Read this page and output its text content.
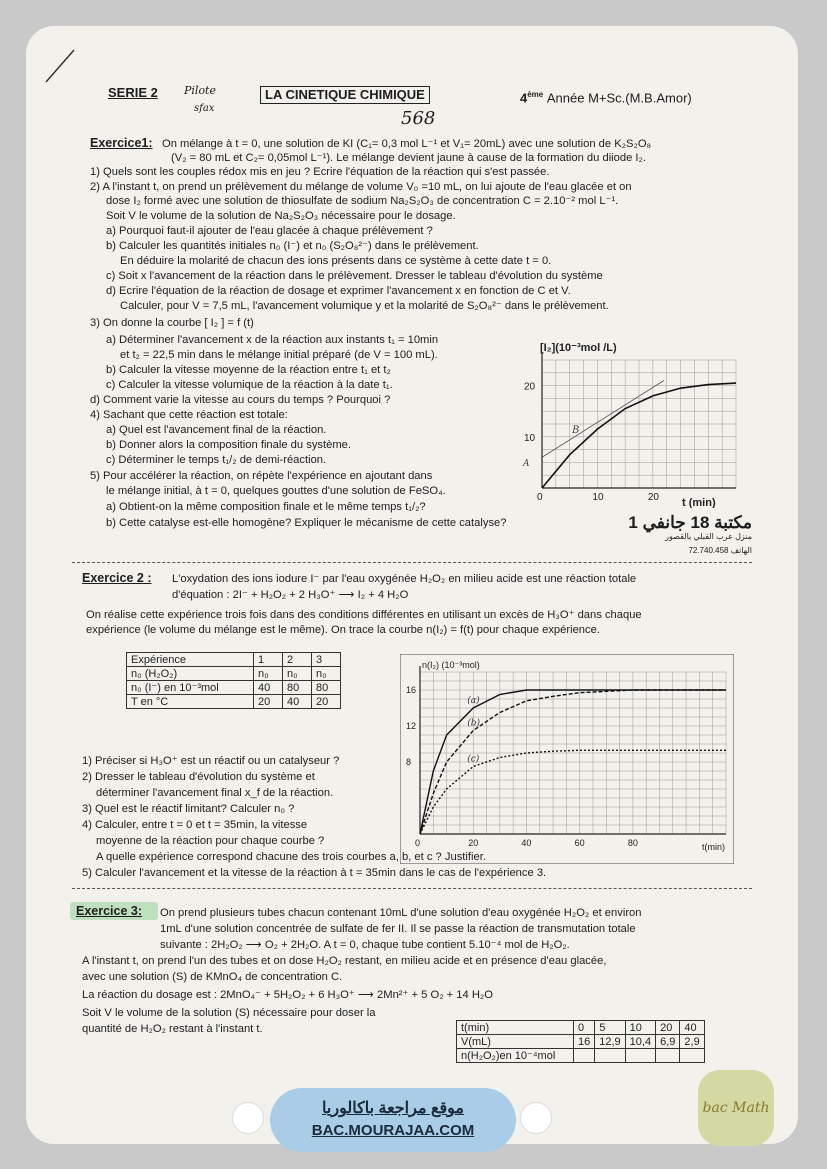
SERIE 2 Pilote
sfax
LA CINETIQUE CHIMIQUE
568
4ème Année M+Sc.(M.B.Amor)
Exercice1: On mélange à t = 0, une solution de KI (C₁= 0,3 mol L⁻¹ et V₁= 20mL) avec une solution de K₂S₂O₈
(V₂ = 80 mL et C₂= 0,05mol L⁻¹). Le mélange devient jaune à cause de la formation du diiode I₂.
1) Quels sont les couples rédox mis en jeu ? Ecrire l'équation de la réaction qui s'est passée.
2) A l'instant t, on prend un prélèvement du mélange de volume V₀ =10 mL, on lui ajoute de l'eau glacée et on
dose I₂ formé avec une solution de thiosulfate de sodium Na₂S₂O₃ de concentration C = 2.10⁻² mol L⁻¹.
Soit V le volume de la solution de Na₂S₂O₃ nécessaire pour le dosage.
a) Pourquoi faut-il ajouter de l'eau glacée à chaque prélèvement ?
b) Calculer les quantités initiales n₀ (I⁻) et n₀ (S₂O₈²⁻) dans le prélèvement.
En déduire la molarité de chacun des ions présents dans ce système à cette date t = 0.
c) Soit x l'avancement de la réaction dans le prélèvement. Dresser le tableau d'évolution du système
d) Ecrire l'équation de la réaction de dosage et exprimer l'avancement x en fonction de C et V.
Calculer, pour V = 7,5 mL, l'avancement volumique y et la molarité de S₂O₈²⁻ dans le prélèvement.
3) On donne la courbe [ I₂ ] = f (t)
a) Déterminer l'avancement x de la réaction aux instants t₁ = 10min
et t₂ = 22,5 min dans le mélange initial préparé (de V = 100 mL).
b) Calculer la vitesse moyenne de la réaction entre t₁ et t₂
c) Calculer la vitesse volumique de la réaction à la date t₁.
d) Comment varie la vitesse au cours du temps ? Pourquoi ?
4) Sachant que cette réaction est totale:
a) Quel est l'avancement final de la réaction.
b) Donner alors la composition finale du système.
c) Déterminer le temps t₁/₂ de demi-réaction.
5) Pour accélérer la réaction, on répète l'expérience en ajoutant dans
le mélange initial, à t = 0, quelques gouttes d'une solution de FeSO₄.
a) Obtient-on la même composition finale et le même temps t₁/₂?
b) Cette catalyse est-elle homogène? Expliquer le mécanisme de cette catalyse?
[I₂](10⁻³mol /L)
t (min)
B
A
0	10	20
10
20
مكتبة 18 جانفي 1
منزل عرب القبلي بالقصور
72.740.458 الهاتف
Exercice 2 : L'oxydation des ions iodure I⁻ par l'eau oxygénée H₂O₂ en milieu acide est une réaction totale
d'équation : 2I⁻ + H₂O₂ + 2 H₃O⁺ ⟶ I₂ + 4 H₂O
On réalise cette expérience trois fois dans des conditions différentes en utilisant un excès de H₃O⁺ dans chaque
expérience (le volume du mélange est le même). On trace la courbe n(I₂) = f(t) pour chaque expérience.
Expérience	1	2	3
n₀ (H₂O₂)	n₀	n₀	n₀
n₀ (I⁻) en 10⁻³mol	40	80	80
T en °C	20	40	20
n(I₂) (10⁻³mol)
t(min)
0	20	40	60	80
8
12
16
(a)
(b)
(c)
1) Préciser si H₃O⁺ est un réactif ou un catalyseur ?
2) Dresser le tableau d'évolution du système et
déterminer l'avancement final x_f de la réaction.
3) Quel est le réactif limitant? Calculer n₀ ?
4) Calculer, entre t = 0 et t = 35min, la vitesse
moyenne de la réaction pour chaque courbe ?
A quelle expérience correspond chacune des trois courbes a, b, et c ? Justifier.
5) Calculer l'avancement et la vitesse de la réaction à t = 35min dans le cas de l'expérience 3.
Exercice 3: On prend plusieurs tubes chacun contenant 10mL d'une solution d'eau oxygénée H₂O₂ et environ
1mL d'une solution concentrée de sulfate de fer II. Il se passe la réaction de transmutation totale
suivante : 2H₂O₂ ⟶ O₂ + 2H₂O. A t = 0, chaque tube contient 5.10⁻⁴ mol de H₂O₂.
A l'instant t, on prend l'un des tubes et on dose H₂O₂ restant, en milieu acide et en présence d'eau glacée,
avec une solution (S) de KMnO₄ de concentration C.
La réaction du dosage est : 2MnO₄⁻ + 5H₂O₂ + 6 H₃O⁺ ⟶ 2Mn²⁺ + 5 O₂ + 14 H₂O
Soit V le volume de la solution (S) nécessaire pour doser la
quantité de H₂O₂ restant à l'instant t.	t(min)	0	5	10	20	40
V(mL)	16	12,9	10,4	6,9	2,9
n(H₂O₂)en 10⁻⁴mol					
موقع مراجعة باكالوريا
BAC.MOURAJAA.COM
bac Math
